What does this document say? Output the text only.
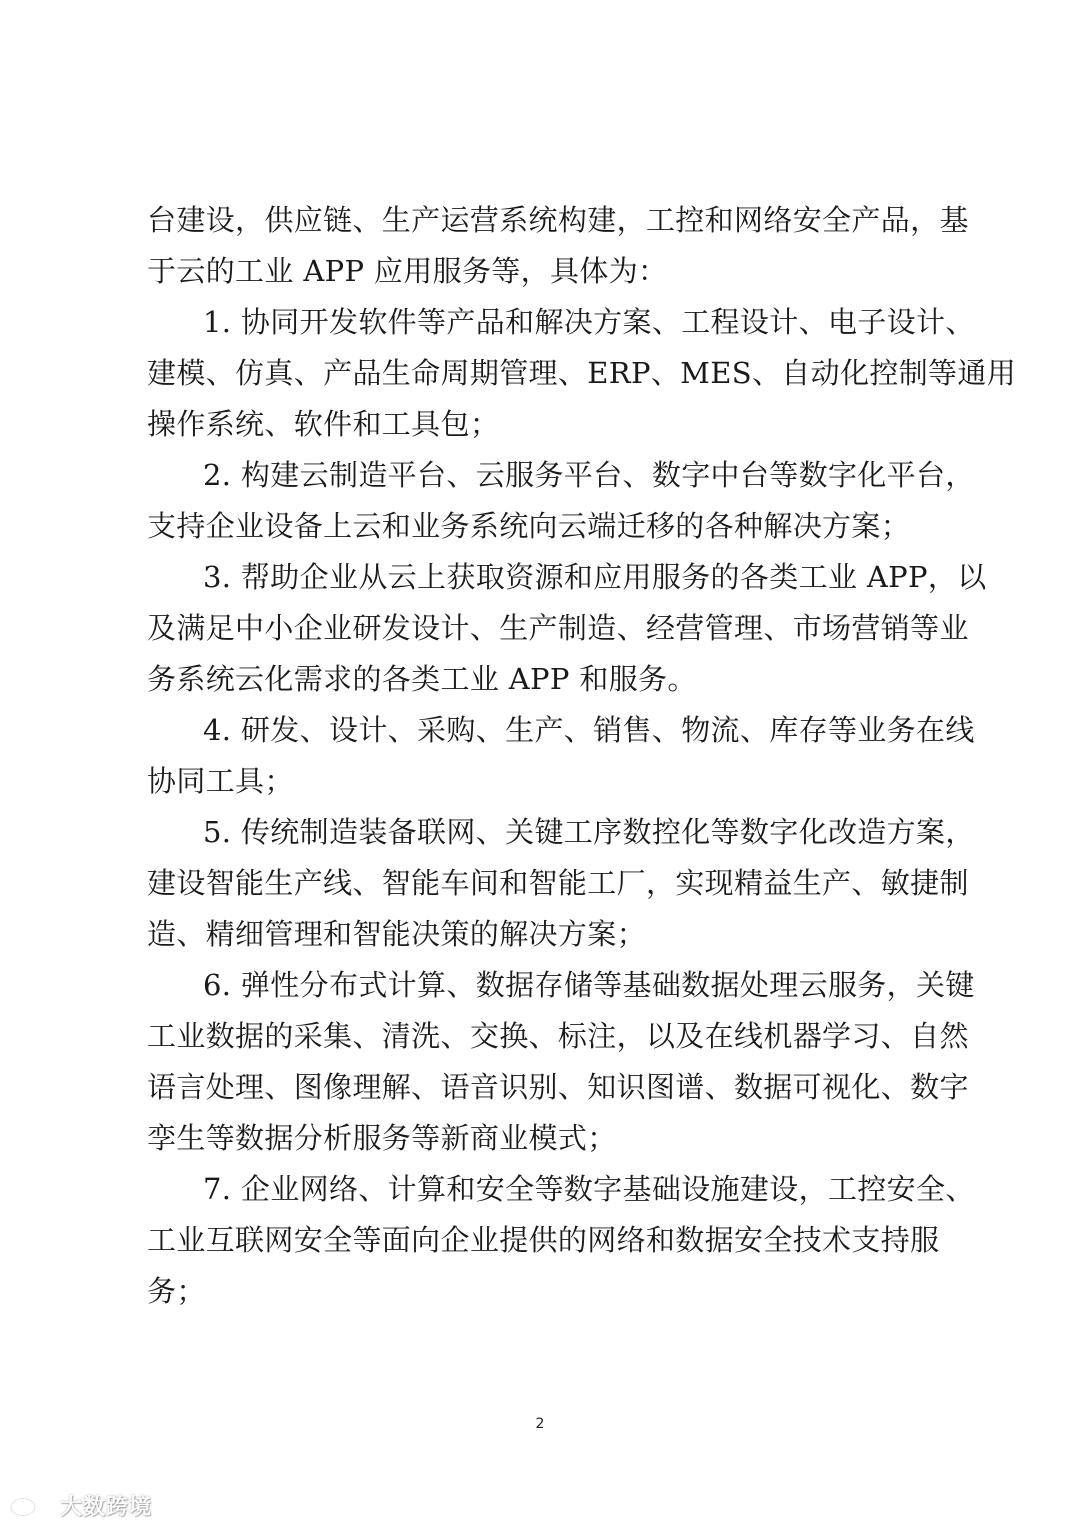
台建设，供应链、生产运营系统构建，工控和网络安全产品，基
于云的工业 APP 应用服务等，具体为：
1. 协同开发软件等产品和解决方案、工程设计、电子设计、
建模、仿真、产品生命周期管理、ERP、MES、自动化控制等通用
操作系统、软件和工具包；
2. 构建云制造平台、云服务平台、数字中台等数字化平台，
支持企业设备上云和业务系统向云端迁移的各种解决方案；
3. 帮助企业从云上获取资源和应用服务的各类工业 APP，以
及满足中小企业研发设计、生产制造、经营管理、市场营销等业
务系统云化需求的各类工业 APP 和服务。
4. 研发、设计、采购、生产、销售、物流、库存等业务在线
协同工具；
5. 传统制造装备联网、关键工序数控化等数字化改造方案，
建设智能生产线、智能车间和智能工厂，实现精益生产、敏捷制
造、精细管理和智能决策的解决方案；
6. 弹性分布式计算、数据存储等基础数据处理云服务，关键
工业数据的采集、清洗、交换、标注，以及在线机器学习、自然
语言处理、图像理解、语音识别、知识图谱、数据可视化、数字
孪生等数据分析服务等新商业模式；
7. 企业网络、计算和安全等数字基础设施建设，工控安全、
工业互联网安全等面向企业提供的网络和数据安全技术支持服
务；
2
大数跨境
